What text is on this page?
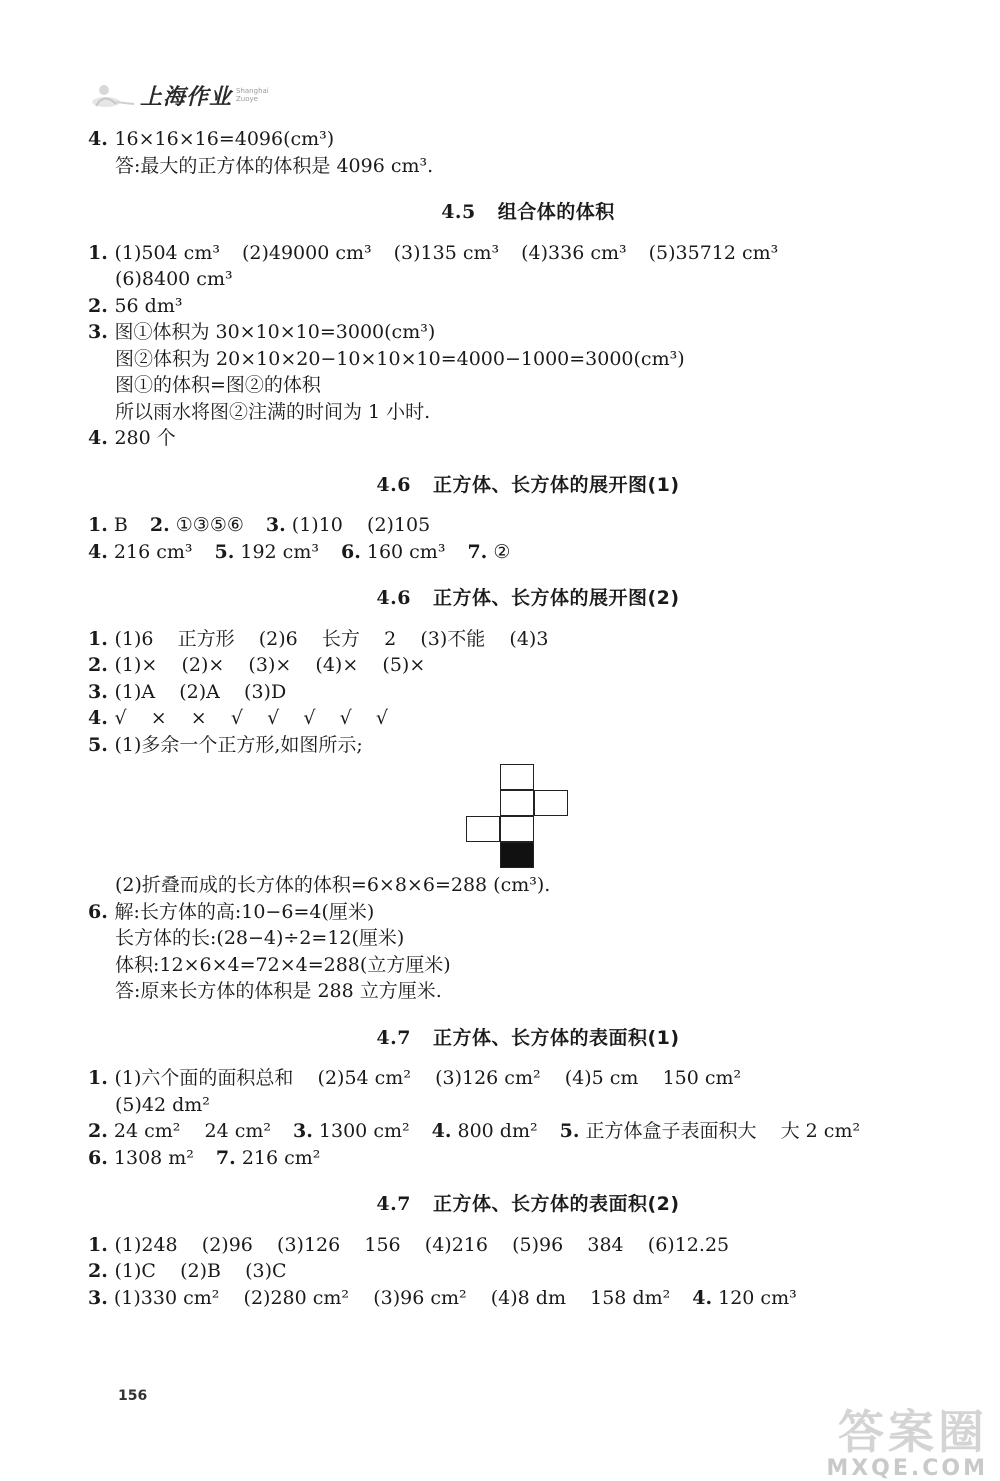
上海作业 Shanghai Zuoye
4. 16×16×16=4096(cm³)
答:最大的正方体的体积是 4096 cm³.
4.5 组合体的体积
1. (1)504 cm³ (2)49000 cm³ (3)135 cm³ (4)336 cm³ (5)35712 cm³
(6)8400 cm³
2. 56 dm³
3. 图①体积为 30×10×10=3000(cm³)
图②体积为 20×10×20−10×10×10=4000−1000=3000(cm³)
图①的体积=图②的体积
所以雨水将图②注满的时间为 1 小时.
4. 280 个
4.6 正方体、长方体的展开图(1)
1. B 2. ①③⑤⑥ 3. (1)10    (2)105
4. 216 cm³ 5. 192 cm³ 6. 160 cm³ 7. ②
4.6 正方体、长方体的展开图(2)
1. (1)6    正方形    (2)6    长方    2    (3)不能    (4)3
2. (1)×    (2)×    (3)×    (4)×    (5)×
3. (1)A    (2)A    (3)D
4. √    ×    ×    √    √    √    √    √
5. (1)多余一个正方形,如图所示;
(2)折叠而成的长方体的体积=6×8×6=288 (cm³).
6. 解:长方体的高:10−6=4(厘米)
长方体的长:(28−4)÷2=12(厘米)
体积:12×6×4=72×4=288(立方厘米)
答:原来长方体的体积是 288 立方厘米.
4.7 正方体、长方体的表面积(1)
1. (1)六个面的面积总和    (2)54 cm²    (3)126 cm²    (4)5 cm    150 cm²
(5)42 dm²
2. 24 cm²    24 cm² 3. 1300 cm² 4. 800 dm² 5. 正方体盒子表面积大    大 2 cm²
6. 1308 m² 7. 216 cm²
4.7 正方体、长方体的表面积(2)
1. (1)248    (2)96    (3)126    156    (4)216    (5)96    384    (6)12.25
2. (1)C    (2)B    (3)C
3. (1)330 cm²    (2)280 cm²    (3)96 cm²    (4)8 dm    158 dm² 4. 120 cm³
156
答案圈
MXQE.COM
